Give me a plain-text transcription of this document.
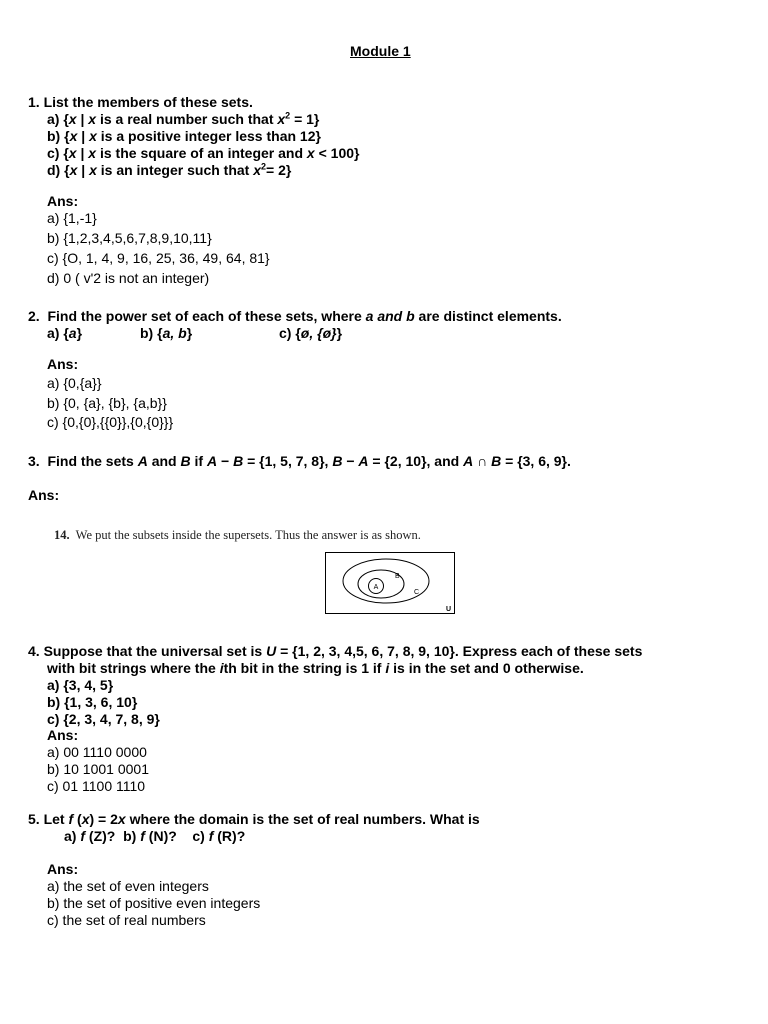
Module 1
1. List the members of these sets.
a) {x | x is a real number such that $x^2 = 1$}
b) {x | x is a positive integer less than 12}
c) {x | x is the square of an integer and x < 100}
d) {x | x is an integer such that $x^2= 2$}
Ans:
a) {1,-1}
b) {1,2,3,4,5,6,7,8,9,10,11}
c) {O, 1, 4, 9, 16, 25, 36, 49, 64, 81}
d) 0 ( v'2 is not an integer)
2. Find the power set of each of these sets, where a and b are distinct elements.
a) {a}	b) {a, b}	c) {ø, {ø}}
Ans:
a) {0,{a}}
b) {0, {a}, {b}, {a,b}}
c) {0,{0},{{0}},{0,{0}}}
3. Find the sets A and B if A − B = {1, 5, 7, 8}, B − A = {2, 10}, and A ∩ B = {3, 6, 9}.
Ans:
14. We put the subsets inside the supersets. Thus the answer is as shown.
A
B
C
U
4. Suppose that the universal set is U = {1, 2, 3, 4,5, 6, 7, 8, 9, 10}. Express each of these sets
with bit strings where the ith bit in the string is 1 if i is in the set and 0 otherwise.
a) {3, 4, 5}
b) {1, 3, 6, 10}
c) {2, 3, 4, 7, 8, 9}
Ans:
a) 00 1110 0000
b) 10 1001 0001
c) 01 1100 1110
5. Let f (x) = 2x where the domain is the set of real numbers. What is
a) f (Z)? b) f (N)? c) f (R)?
Ans:
a) the set of even integers
b) the set of positive even integers
c) the set of real numbers
